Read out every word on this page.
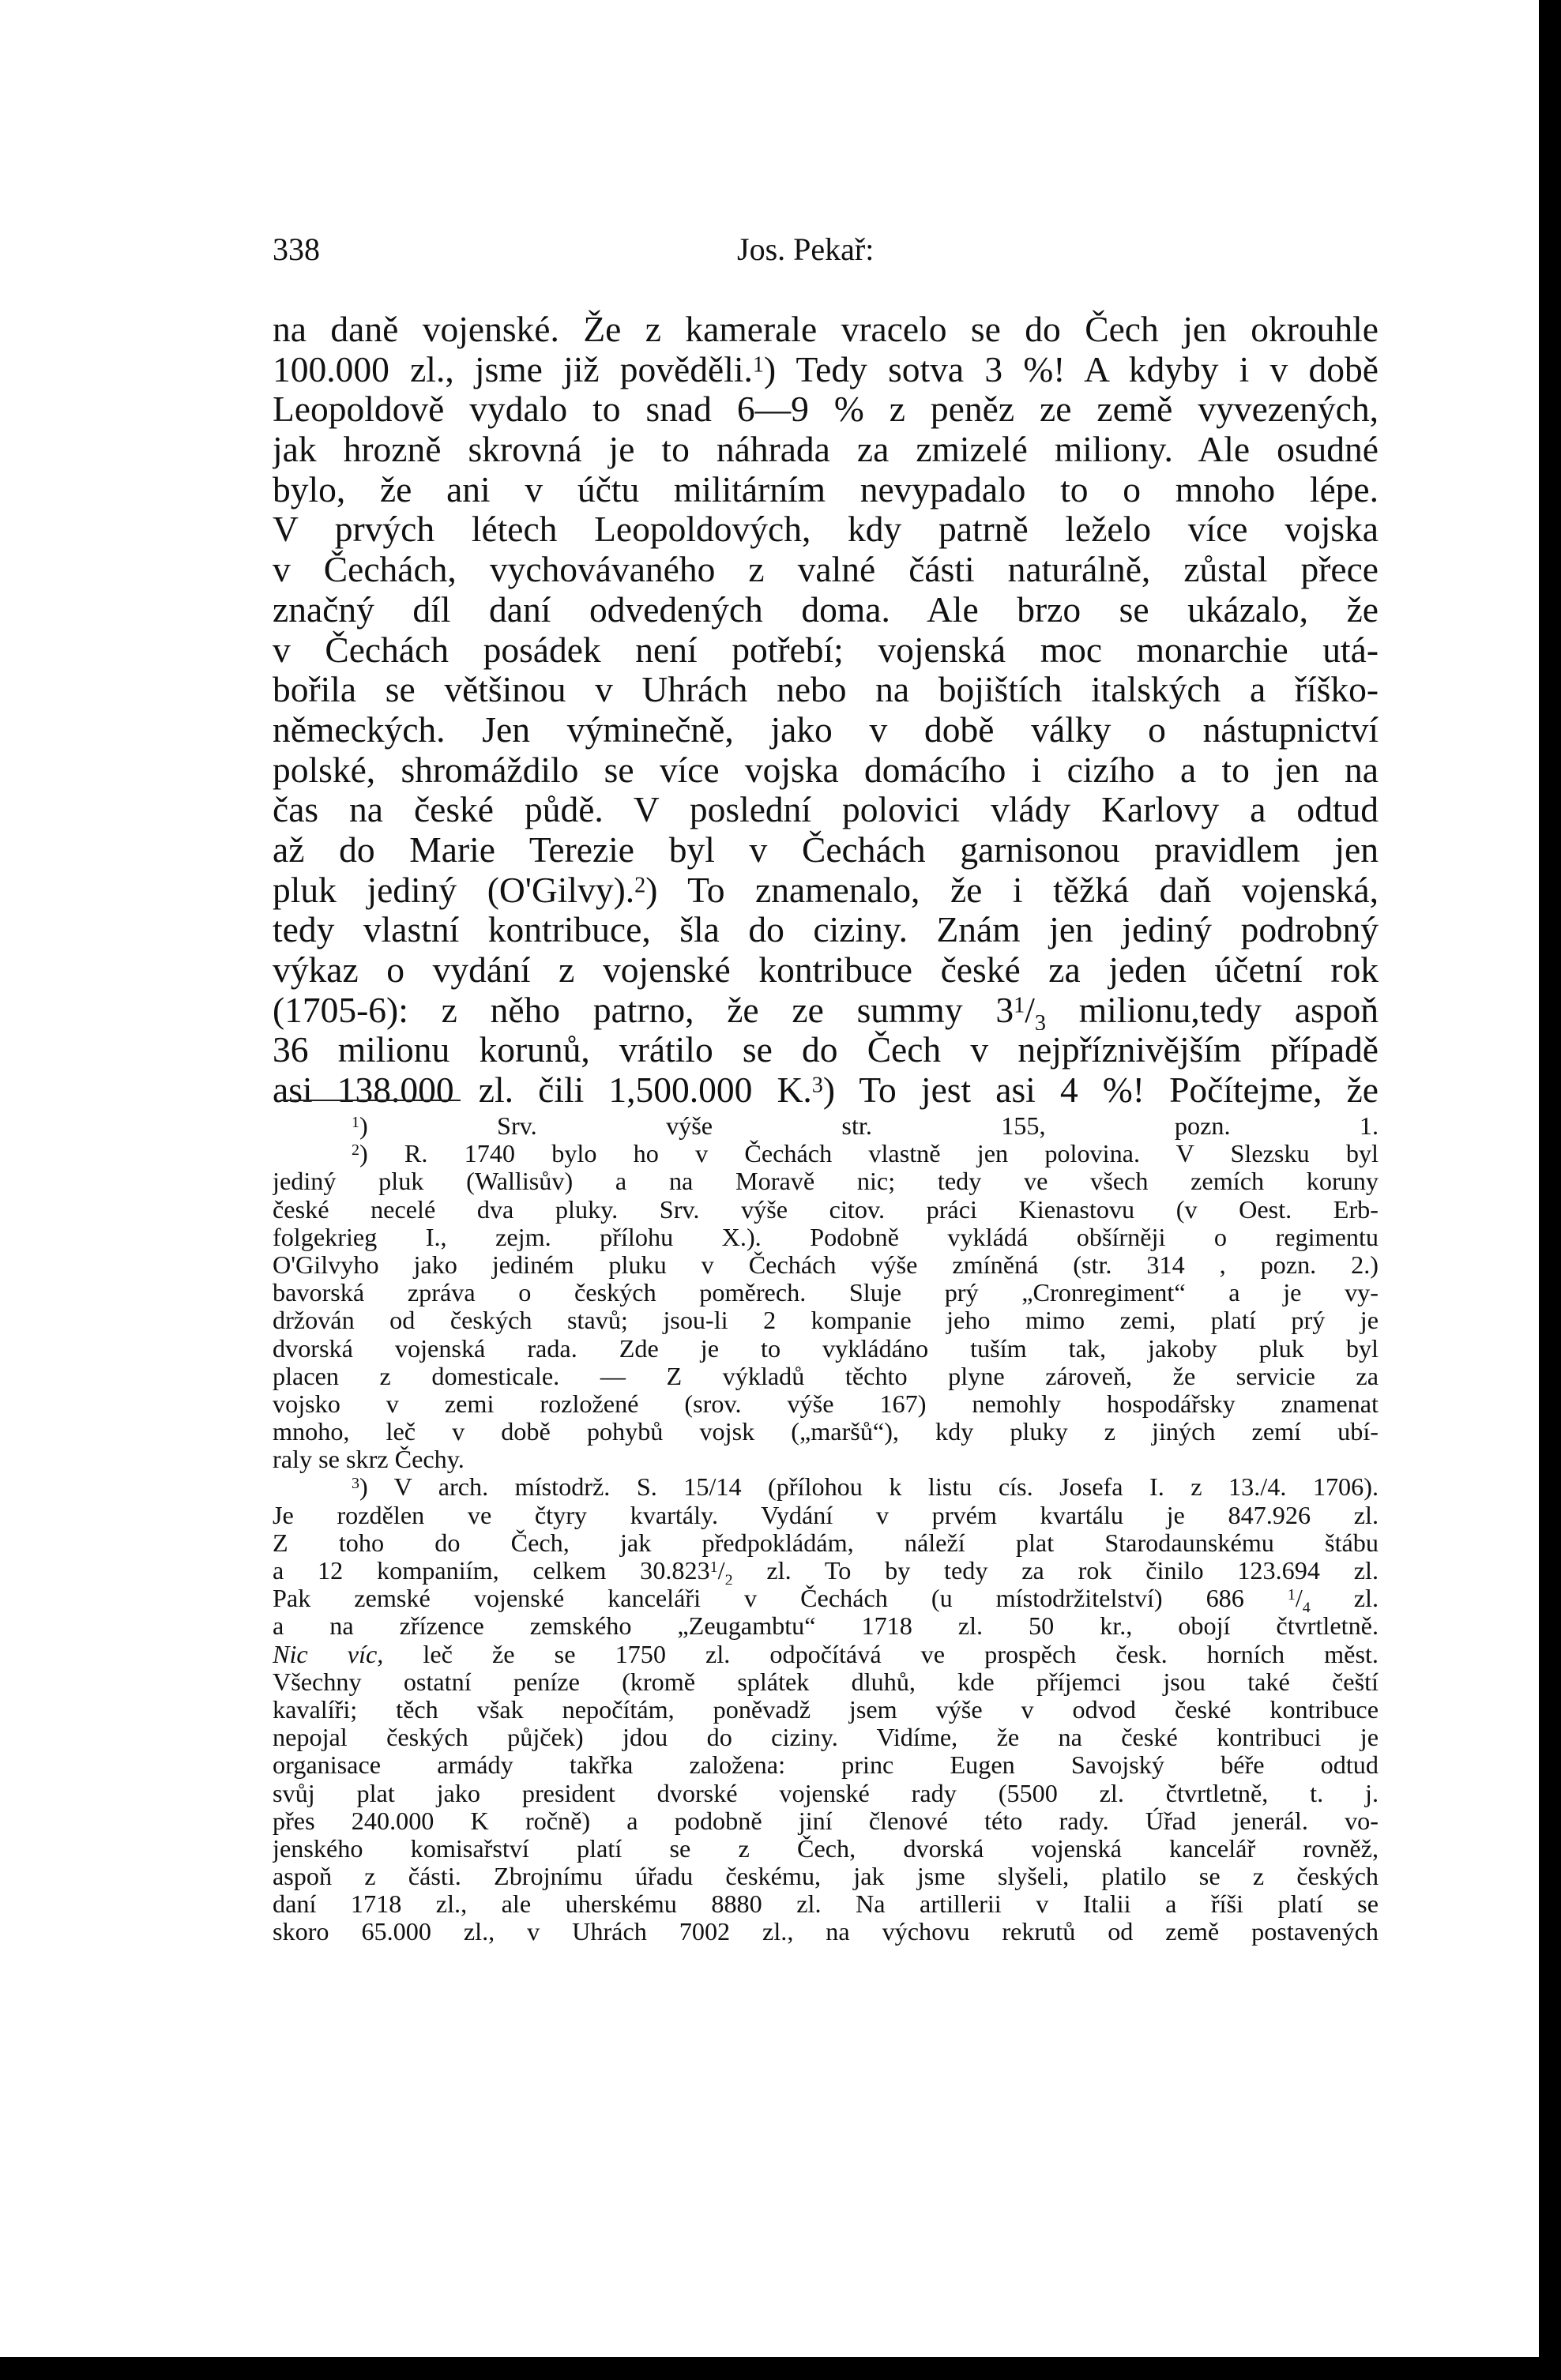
338	Jos. Pekař:
na daně vojenské. Že z kamerale vracelo se do Čech jen okrouhle
100.000 zl., jsme již pověděli.$^1$) Tedy sotva 3 %! A kdyby i v době
Leopoldově vydalo to snad 6—9 % z peněz ze země vyvezených,
jak hrozně skrovná je to náhrada za zmizelé miliony. Ale osudné
bylo, že ani v účtu militárním nevypadalo to o mnoho lépe.
V prvých létech Leopoldových, kdy patrně leželo více vojska
v Čechách, vychovávaného z valné části naturálně, zůstal přece
značný díl daní odvedených doma. Ale brzo se ukázalo, že
v Čechách posádek není potřebí; vojenská moc monarchie utá-
bořila se většinou v Uhrách nebo na bojištích italských a říško-
německých. Jen výminečně, jako v době války o nástupnictví
polské, shromáždilo se více vojska domácího i cizího a to jen na
čas na české půdě. V poslední polovici vlády Karlovy a odtud
až do Marie Terezie byl v Čechách garnisonou pravidlem jen
pluk jediný (O'Gilvy).$^2$) To znamenalo, že i těžká daň vojenská,
tedy vlastní kontribuce, šla do ciziny. Znám jen jediný podrobný
výkaz o vydání z vojenské kontribuce české za jeden účetní rok
(1705-6): z něho patrno, že ze summy $3^1/_3$ milionu,tedy aspoň
36 milionu korunů, vrátilo se do Čech v nejpříznivějším případě
asi 138.000 zl. čili 1,500.000 K.$^3$) To jest asi 4 %! Počítejme, že
$^1$) Srv. výše str. 155, pozn. 1.
$^2$) R. 1740 bylo ho v Čechách vlastně jen polovina. V Slezsku byl
jediný pluk (Wallisův) a na Moravě nic; tedy ve všech zemích koruny
české necelé dva pluky. Srv. výše citov. práci Kienastovu (v Oest. Erb-
folgekrieg I., zejm. přílohu X.). Podobně vykládá obšírněji o regimentu
O'Gilvyho jako jediném pluku v Čechách výše zmíněná (str. 314 , pozn. 2.)
bavorská zpráva o českých poměrech. Sluje prý „Cronregiment“ a je vy-
držován od českých stavů; jsou-li 2 kompanie jeho mimo zemi, platí prý je
dvorská vojenská rada. Zde je to vykládáno tuším tak, jakoby pluk byl
placen z domesticale. — Z výkladů těchto plyne zároveň, že servicie za
vojsko v zemi rozložené (srov. výše 167) nemohly hospodářsky znamenat
mnoho, leč v době pohybů vojsk („maršů“), kdy pluky z jiných zemí ubí-
raly se skrz Čechy.
$^3$) V arch. místodrž. S. 15/14 (přílohou k listu cís. Josefa I. z 13./4. 1706).
Je rozdělen ve čtyry kvartály. Vydání v prvém kvartálu je 847.926 zl.
Z toho do Čech, jak předpokládám, náleží plat Starodaunskému štábu
a 12 kompaniím, celkem $30.823^1/_2$ zl. To by tedy za rok činilo 123.694 zl.
Pak zemské vojenské kanceláři v Čechách (u místodržitelství) 686 $^1/_4$ zl.
a na zřízence zemského „Zeugambtu“ 1718 zl. 50 kr., obojí čtvrtletně.
Nic víc, leč že se 1750 zl. odpočítává ve prospěch česk. horních měst.
Všechny ostatní peníze (kromě splátek dluhů, kde příjemci jsou také čeští
kavalíři; těch však nepočítám, poněvadž jsem výše v odvod české kontribuce
nepojal českých půjček) jdou do ciziny. Vidíme, že na české kontribuci je
organisace armády takřka založena: princ Eugen Savojský béře odtud
svůj plat jako president dvorské vojenské rady (5500 zl. čtvrtletně, t. j.
přes 240.000 K ročně) a podobně jiní členové této rady. Úřad jenerál. vo-
jenského komisařství platí se z Čech, dvorská vojenská kancelář rovněž,
aspoň z části. Zbrojnímu úřadu českému, jak jsme slyšeli, platilo se z českých
daní 1718 zl., ale uherskému 8880 zl. Na artillerii v Italii a říši platí se
skoro 65.000 zl., v Uhrách 7002 zl., na výchovu rekrutů od země postavených
